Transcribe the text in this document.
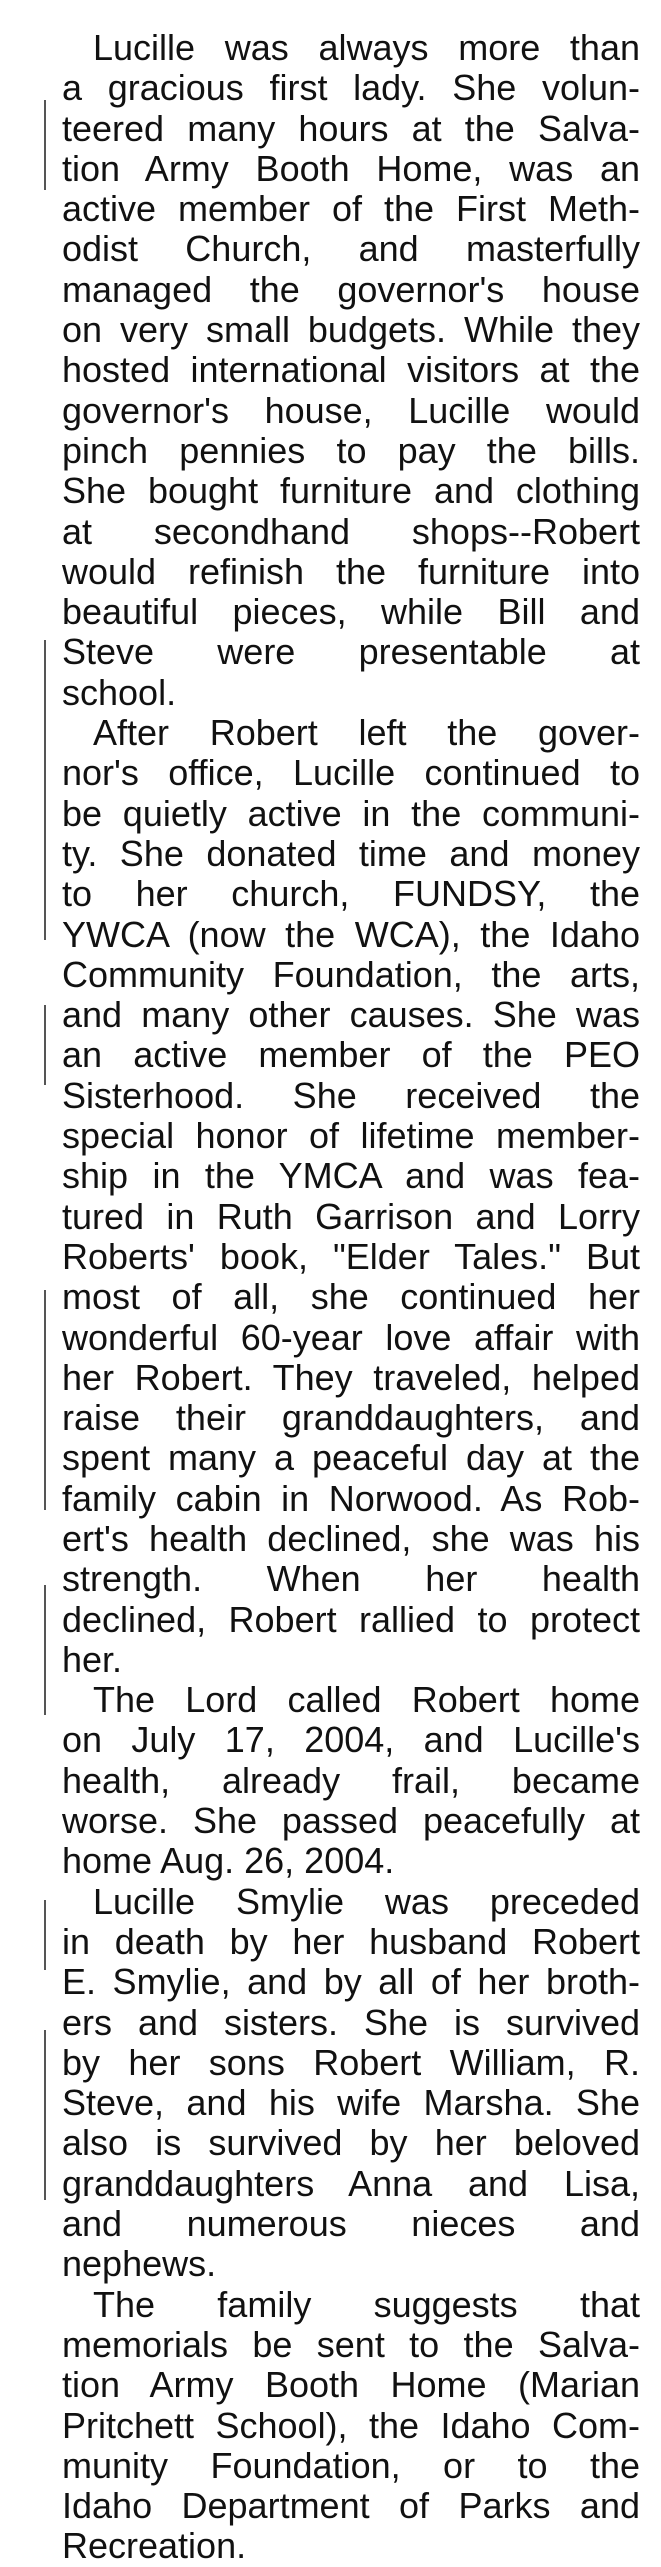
Lucille was always more than
a gracious first lady. She volun-
teered many hours at the Salva-
tion Army Booth Home, was an
active member of the First Meth-
odist Church, and masterfully
managed the governor's house
on very small budgets. While they
hosted international visitors at the
governor's house, Lucille would
pinch pennies to pay the bills.
She bought furniture and clothing
at secondhand shops--Robert
would refinish the furniture into
beautiful pieces, while Bill and
Steve were presentable at
school.
After Robert left the gover-
nor's office, Lucille continued to
be quietly active in the communi-
ty. She donated time and money
to her church, FUNDSY, the
YWCA (now the WCA), the Idaho
Community Foundation, the arts,
and many other causes. She was
an active member of the PEO
Sisterhood. She received the
special honor of lifetime member-
ship in the YMCA and was fea-
tured in Ruth Garrison and Lorry
Roberts' book, "Elder Tales." But
most of all, she continued her
wonderful 60-year love affair with
her Robert. They traveled, helped
raise their granddaughters, and
spent many a peaceful day at the
family cabin in Norwood. As Rob-
ert's health declined, she was his
strength. When her health
declined, Robert rallied to protect
her.
The Lord called Robert home
on July 17, 2004, and Lucille's
health, already frail, became
worse. She passed peacefully at
home Aug. 26, 2004.
Lucille Smylie was preceded
in death by her husband Robert
E. Smylie, and by all of her broth-
ers and sisters. She is survived
by her sons Robert William, R.
Steve, and his wife Marsha. She
also is survived by her beloved
granddaughters Anna and Lisa,
and numerous nieces and
nephews.
The family suggests that
memorials be sent to the Salva-
tion Army Booth Home (Marian
Pritchett School), the Idaho Com-
munity Foundation, or to the
Idaho Department of Parks and
Recreation.
